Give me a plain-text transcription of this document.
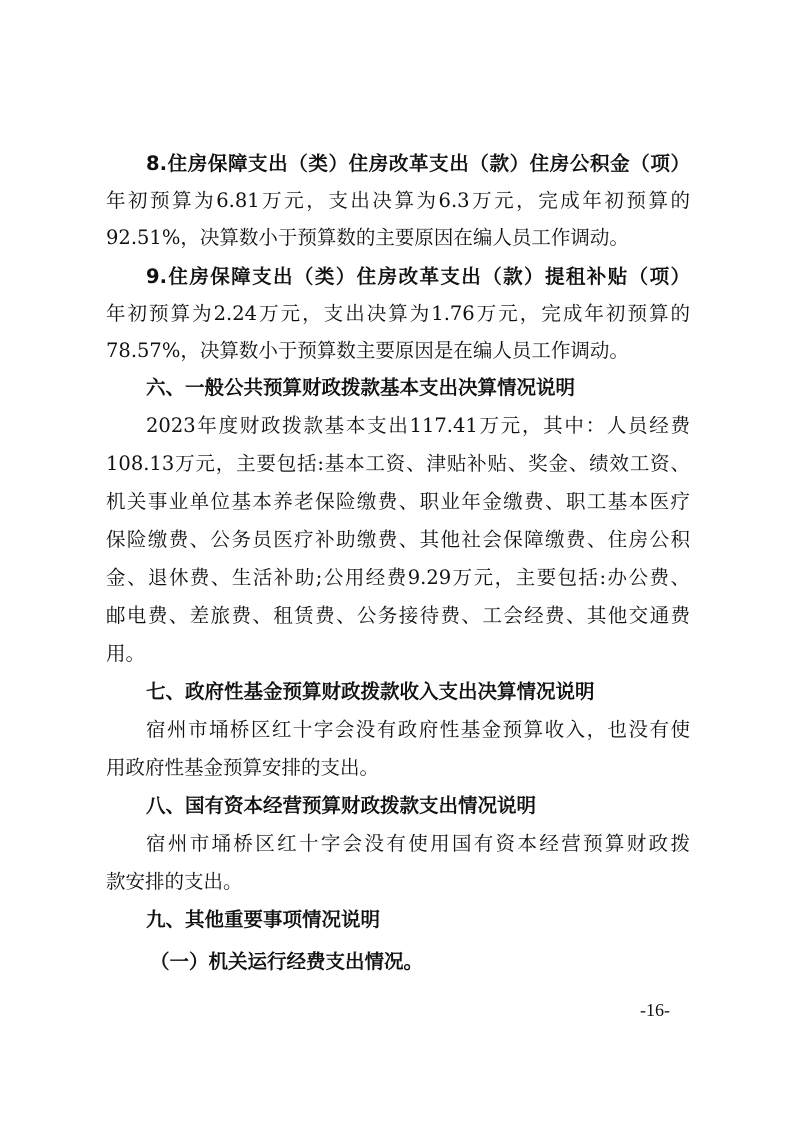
8.住房保障支出（类）住房改革支出（款）住房公积金（项）
年初预算为6.81万元，支出决算为6.3万元，完成年初预算的
92.51%，决算数小于预算数的主要原因在编人员工作调动。
9.住房保障支出（类）住房改革支出（款）提租补贴（项）
年初预算为2.24万元，支出决算为1.76万元，完成年初预算的
78.57%，决算数小于预算数主要原因是在编人员工作调动。
六、一般公共预算财政拨款基本支出决算情况说明
2023年度财政拨款基本支出117.41万元，其中：人员经费
108.13万元，主要包括:基本工资、津贴补贴、奖金、绩效工资、
机关事业单位基本养老保险缴费、职业年金缴费、职工基本医疗
保险缴费、公务员医疗补助缴费、其他社会保障缴费、住房公积
金、退休费、生活补助;公用经费9.29万元，主要包括:办公费、
邮电费、差旅费、租赁费、公务接待费、工会经费、其他交通费
用。
七、政府性基金预算财政拨款收入支出决算情况说明
宿州市埇桥区红十字会没有政府性基金预算收入，也没有使
用政府性基金预算安排的支出。
八、国有资本经营预算财政拨款支出情况说明
宿州市埇桥区红十字会没有使用国有资本经营预算财政拨
款安排的支出。
九、其他重要事项情况说明
（一）机关运行经费支出情况。
-16-
